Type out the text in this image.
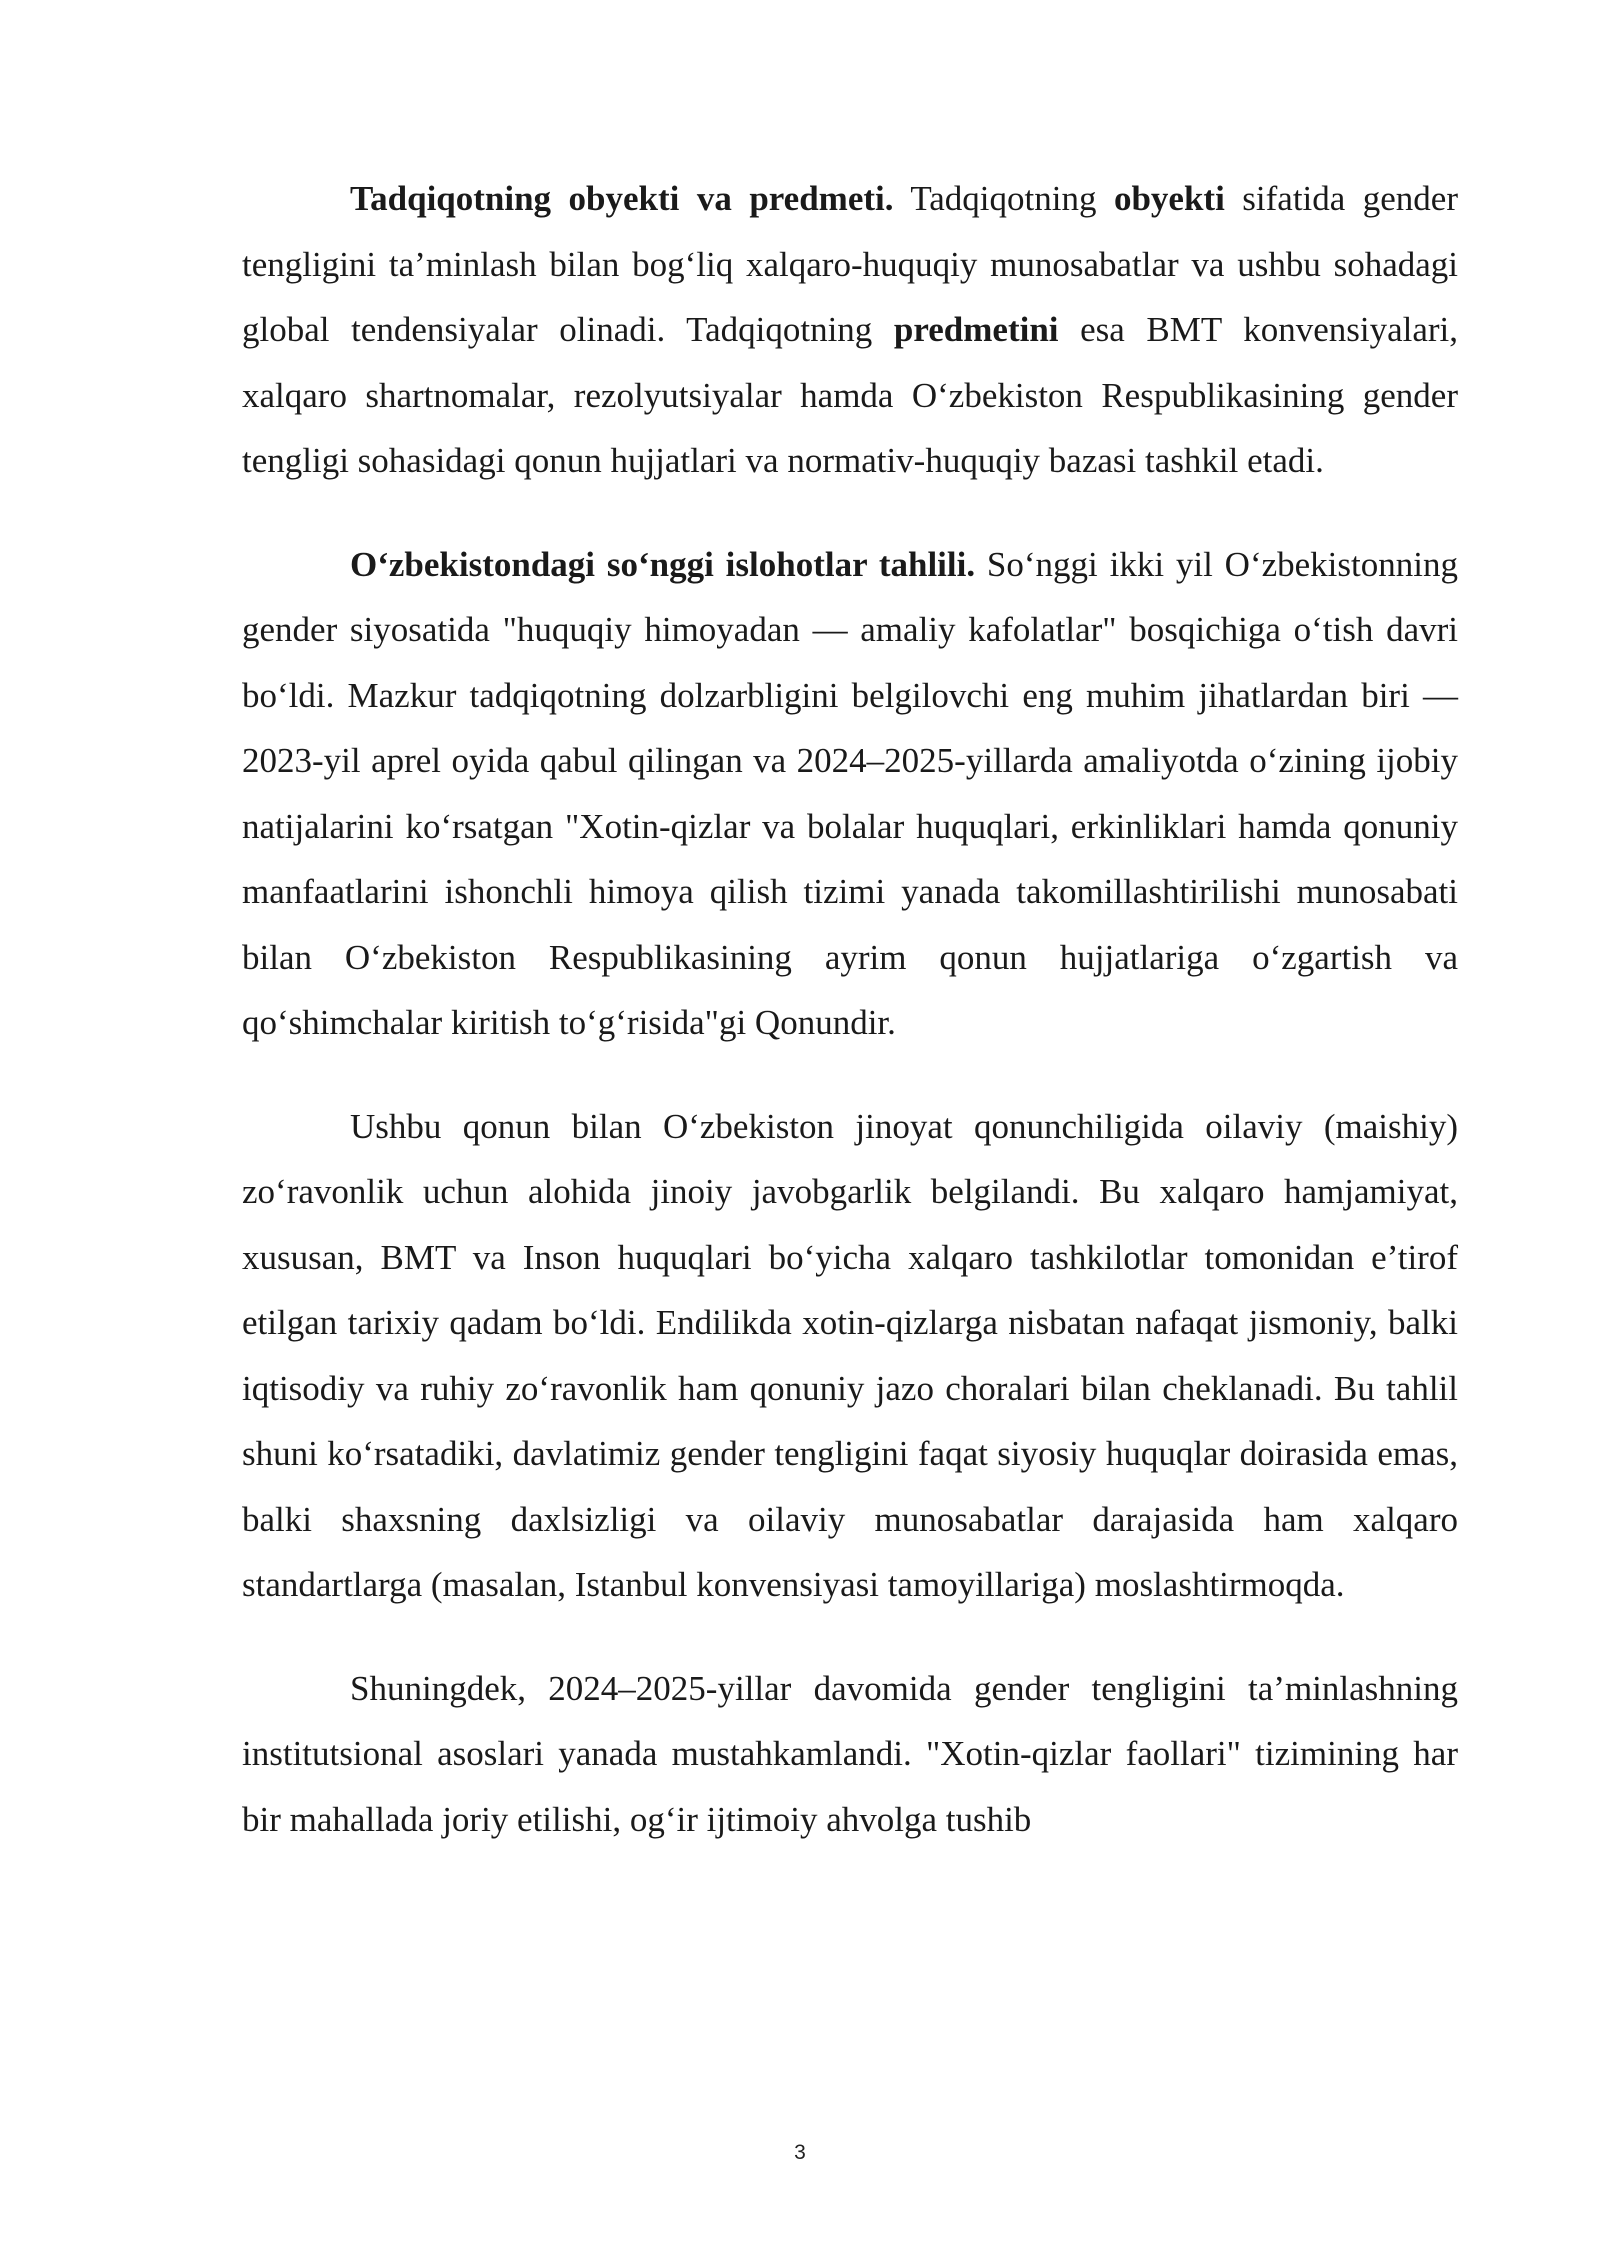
Tadqiqotning obyekti va predmeti. Tadqiqotning obyekti sifatida gender tengligini ta’minlash bilan bog‘liq xalqaro-huquqiy munosabatlar va ushbu sohadagi global tendensiyalar olinadi. Tadqiqotning predmetini esa BMT konvensiyalari, xalqaro shartnomalar, rezolyutsiyalar hamda O‘zbekiston Respublikasining gender tengligi sohasidagi qonun hujjatlari va normativ-huquqiy bazasi tashkil etadi.

O‘zbekistondagi so‘nggi islohotlar tahlili. So‘nggi ikki yil O‘zbekistonning gender siyosatida "huquqiy himoyadan — amaliy kafolatlar" bosqichiga o‘tish davri bo‘ldi. Mazkur tadqiqotning dolzarbligini belgilovchi eng muhim jihatlardan biri — 2023-yil aprel oyida qabul qilingan va 2024–2025-yillarda amaliyotda o‘zining ijobiy natijalarini ko‘rsatgan "Xotin-qizlar va bolalar huquqlari, erkinliklari hamda qonuniy manfaatlarini ishonchli himoya qilish tizimi yanada takomillashtirilishi munosabati bilan O‘zbekiston Respublikasining ayrim qonun hujjatlariga o‘zgartish va qo‘shimchalar kiritish to‘g‘risida"gi Qonundir.

Ushbu qonun bilan O‘zbekiston jinoyat qonunchiligida oilaviy (maishiy) zo‘ravonlik uchun alohida jinoiy javobgarlik belgilandi. Bu xalqaro hamjamiyat, xususan, BMT va Inson huquqlari bo‘yicha xalqaro tashkilotlar tomonidan e’tirof etilgan tarixiy qadam bo‘ldi. Endilikda xotin-qizlarga nisbatan nafaqat jismoniy, balki iqtisodiy va ruhiy zo‘ravonlik ham qonuniy jazo choralari bilan cheklanadi. Bu tahlil shuni ko‘rsatadiki, davlatimiz gender tengligini faqat siyosiy huquqlar doirasida emas, balki shaxsning daxlsizligi va oilaviy munosabatlar darajasida ham xalqaro standartlarga (masalan, Istanbul konvensiyasi tamoyillariga) moslashtirmoqda.

Shuningdek, 2024–2025-yillar davomida gender tengligini ta’minlashning institutsional asoslari yanada mustahkamlandi. "Xotin-qizlar faollari" tizimining har bir mahallada joriy etilishi, og‘ir ijtimoiy ahvolga tushib

3
